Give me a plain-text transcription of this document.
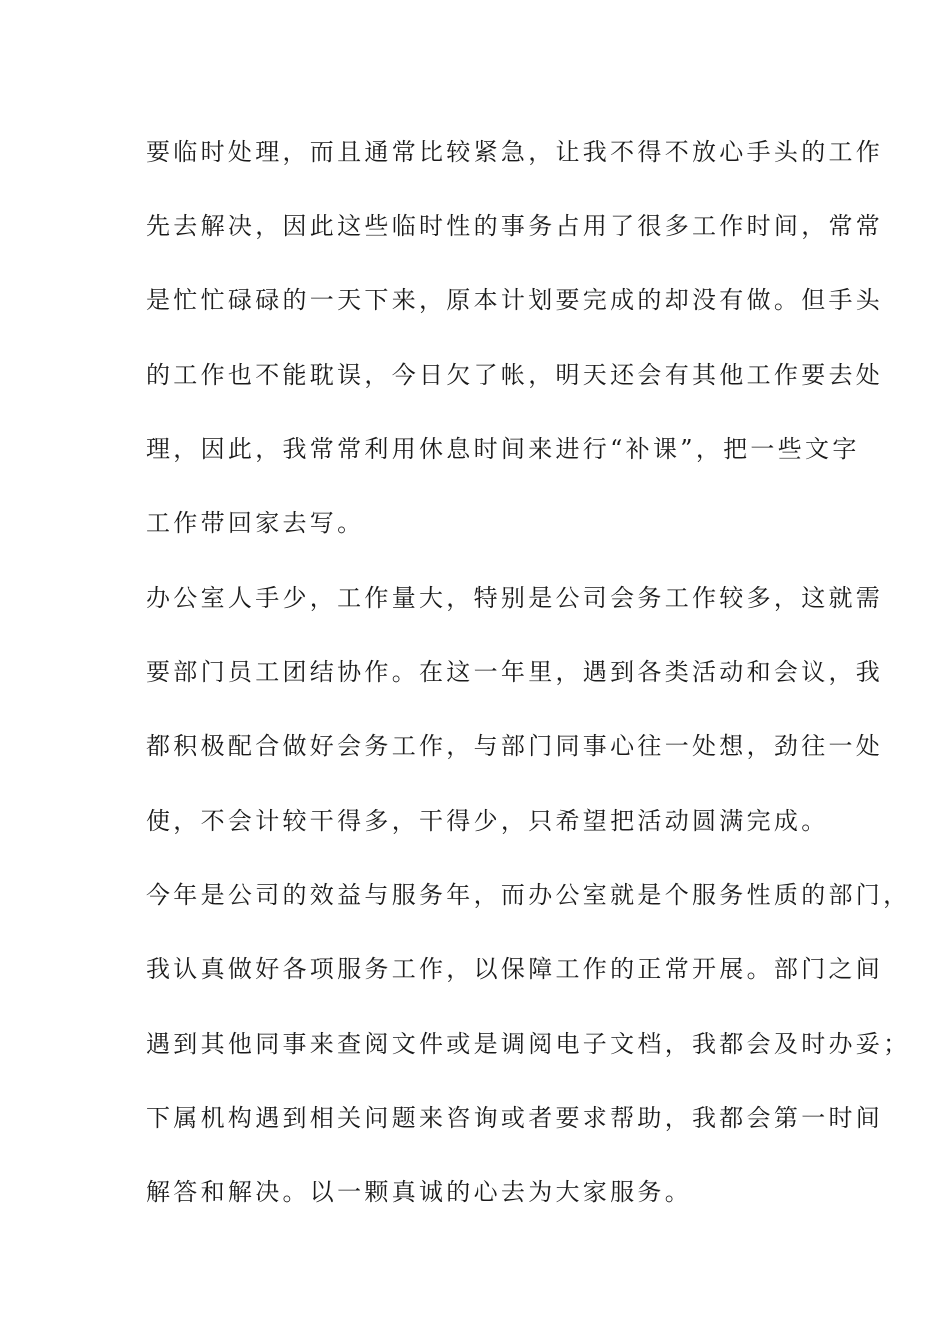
要临时处理，而且通常比较紧急，让我不得不放心手头的工作
先去解决，因此这些临时性的事务占用了很多工作时间，常常
是忙忙碌碌的一天下来，原本计划要完成的却没有做。但手头
的工作也不能耽误，今日欠了帐，明天还会有其他工作要去处
理，因此，我常常利用休息时间来进行“补课”，把一些文字
工作带回家去写。
办公室人手少，工作量大，特别是公司会务工作较多，这就需
要部门员工团结协作。在这一年里，遇到各类活动和会议，我
都积极配合做好会务工作，与部门同事心往一处想，劲往一处
使，不会计较干得多，干得少，只希望把活动圆满完成。
今年是公司的效益与服务年，而办公室就是个服务性质的部门，
我认真做好各项服务工作，以保障工作的正常开展。部门之间
遇到其他同事来查阅文件或是调阅电子文档，我都会及时办妥；
下属机构遇到相关问题来咨询或者要求帮助，我都会第一时间
解答和解决。以一颗真诚的心去为大家服务。
